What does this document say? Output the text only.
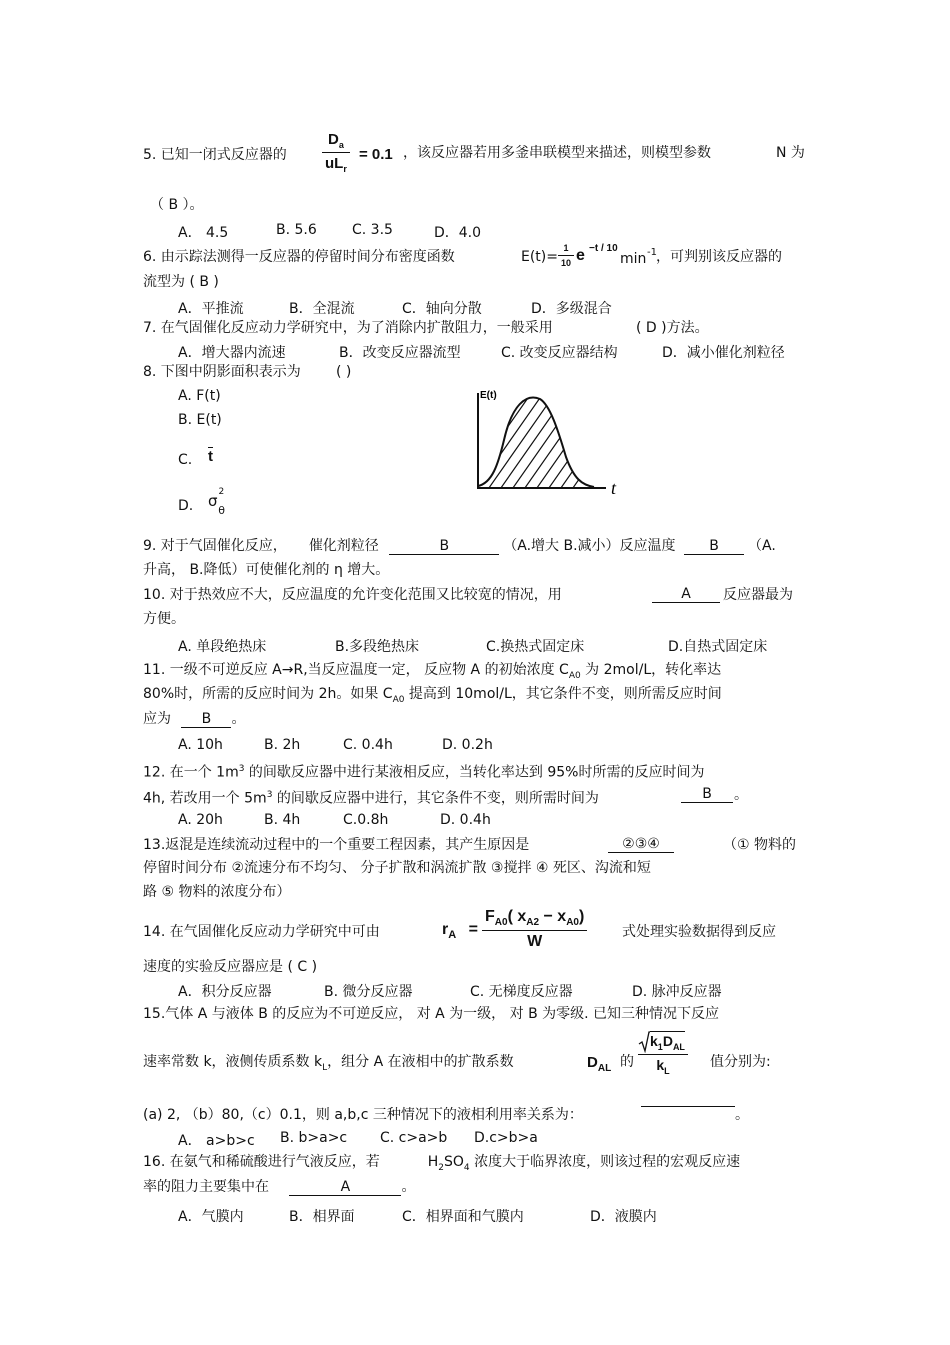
5. 已知一闭式反应器的
$D_a$
$uL_r$
= 0.1 ，该反应器若用多釜串联模型来描述，则模型参数	N 为
（ B ）。
A． 4.5	B. 5.6	C. 3.5	D．4.0
6. 由示踪法测得一反应器的停留时间分布密度函数	$E(t)= \frac{1}{10}$ e −t / 10
min -1 ，可判别该反应器的
流型为 ( B )
A．平推流	B．全混流	C．轴向分散	D．多级混合
7. 在气固催化反应动力学研究中，为了消除内扩散阻力，一般采用	( D )方法。
A．增大器内流速	B．改变反应器流型	C. 改变反应器结构	D．减小催化剂粒径
8. 下图中阴影面积表示为	( )
A. F(t)
B. E(t)
C. $\overline{t}$
D. $\sigma^2_\theta$
E(t)
t
9. 对于气固催化反应， 催化剂粒径	B	（A.增大 B.减小）反应温度 B （A.
升高， B.降低）可使催化剂的 η 增大。
10. 对于热效应不大，反应温度的允许变化范围又比较宽的情况，用	A	反应器最为
方便。
A. 单段绝热床	B.多段绝热床	C.换热式固定床	D.自热式固定床
11. 一级不可逆反应 A→R,当反应温度一定， 反应物 A 的初始浓度 $C_{A0}$ 为 2mol/L，转化率达
80%时，所需的反应时间为 2h。如果 $C_{A0}$ 提高到 10mol/L，其它条件不变，则所需反应时间
应为 B 。
A. 10h	B. 2h	C. 0.4h	D. 0.2h
12. 在一个 $1m^3$ 的间歇反应器中进行某液相反应，当转化率达到 95%时所需的反应时间为
4h, 若改用一个 $5m^3$ 的间歇反应器中进行，其它条件不变，则所需时间为	B	。
A. 20h	B. 4h	C.0.8h	D. 0.4h
13.返混是连续流动过程中的一个重要工程因素，其产生原因是	②③④	（① 物料的
停留时间分布 ②流速分布不均匀、 分子扩散和涡流扩散 ③搅拌 ④ 死区、沟流和短
路 ⑤ 物料的浓度分布）
14. 在气固催化反应动力学研究中可由	$r_A = \frac{F_{A0}( x_{A2} - x_{A0})}{W}$ 式处理实验数据得到反应
速度的实验反应器应是 ( C )
A．积分反应器	B. 微分反应器	C. 无梯度反应器	D. 脉冲反应器
15.气体 A 与液体 B 的反应为不可逆反应， 对 A 为一级， 对 B 为零级. 已知三种情况下反应
速率常数 k，液侧传质系数 $k_L$，组分 A 在液相中的扩散系数	$D_{AL}$ 的
$k_1D_{AL}$
$k_L$
值分别为:
(a) 2, （b）80,（c）0.1，则 a,b,c 三种情况下的液相利用率关系为：	。
A． a>b>c B. b>a>c C. c>a>b D.c>b>a
16. 在氨气和稀硫酸进行气液反应，若	$H_2SO_4$ 浓度大于临界浓度，则该过程的宏观反应速
率的阻力主要集中在	A	。
A．气膜内	B．相界面	C．相界面和气膜内	D．液膜内
